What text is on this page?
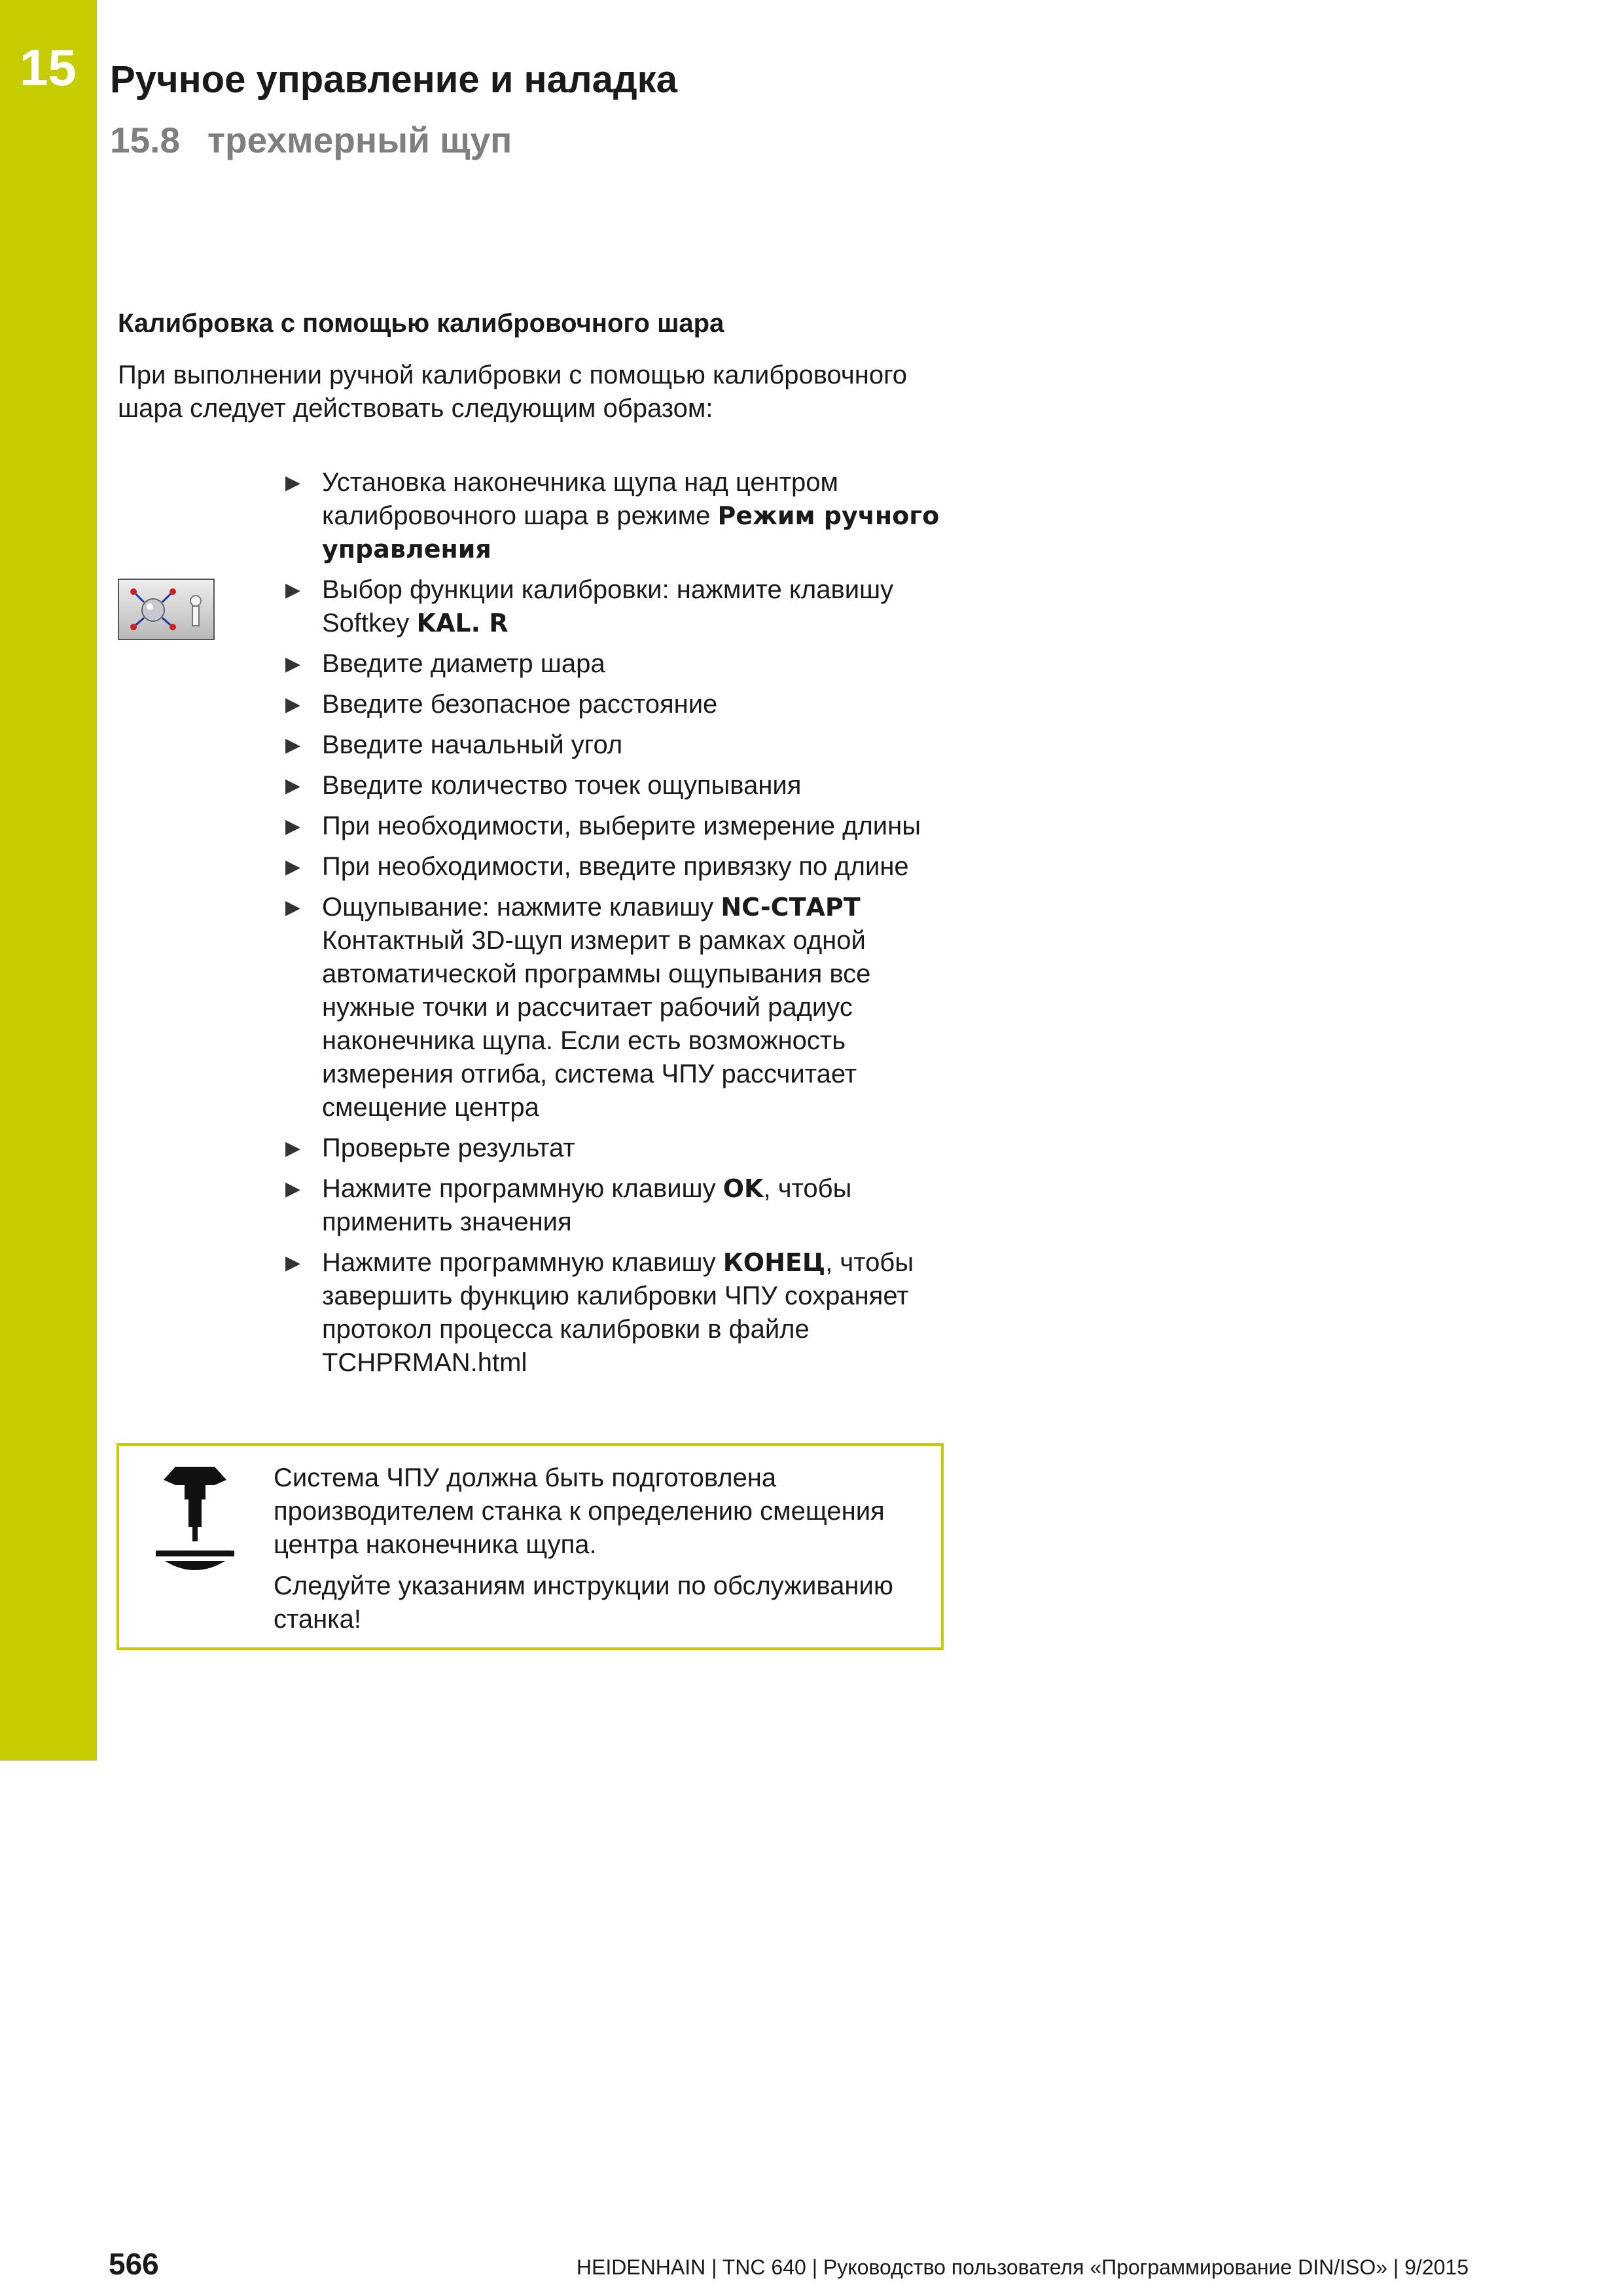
15 Ручное управление и наладка
15.8 трехмерный щуп
Калибровка с помощью калибровочного шара

При выполнении ручной калибровки с помощью калибровочного шара следует действовать следующим образом:

▶ Установка наконечника щупа над центром калибровочного шара в режиме Режим ручного управления
▶ Выбор функции калибровки: нажмите клавишу Softkey KAL. R
▶ Введите диаметр шара
▶ Введите безопасное расстояние
▶ Введите начальный угол
▶ Введите количество точек ощупывания
▶ При необходимости, выберите измерение длины
▶ При необходимости, введите привязку по длине
▶ Ощупывание: нажмите клавишу NC-СТАРТ
Контактный 3D-щуп измерит в рамках одной автоматической программы ощупывания все нужные точки и рассчитает рабочий радиус наконечника щупа. Если есть возможность измерения отгиба, система ЧПУ рассчитает смещение центра
▶ Проверьте результат
▶ Нажмите программную клавишу OK, чтобы применить значения
▶ Нажмите программную клавишу КОНЕЦ, чтобы завершить функцию калибровки ЧПУ сохраняет протокол процесса калибровки в файле TCHPRMAN.html

Система ЧПУ должна быть подготовлена производителем станка к определению смещения центра наконечника щупа.

Следуйте указаниям инструкции по обслуживанию станка!

566	HEIDENHAIN | TNC 640 | Руководство пользователя «Программирование DIN/ISO» | 9/2015
